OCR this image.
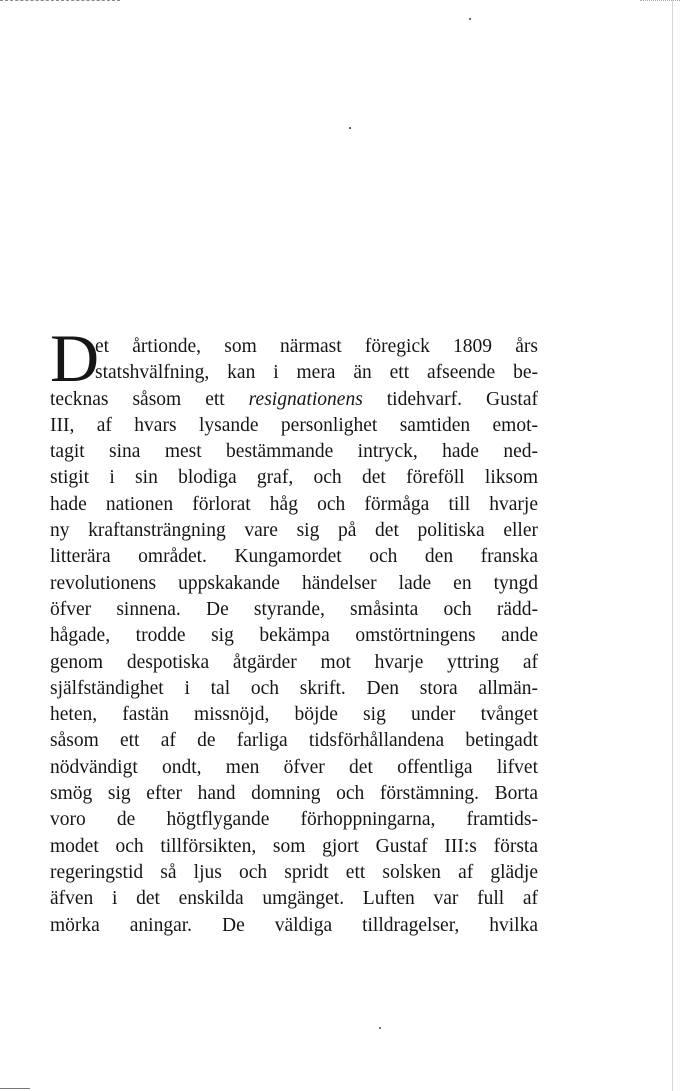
D
et årtionde, som närmast föregick 1809 års
statshvälfning, kan i mera än ett afseende be-
tecknas såsom ett resignationens tidehvarf. Gustaf
III, af hvars lysande personlighet samtiden emot-
tagit sina mest bestämmande intryck, hade ned-
stigit i sin blodiga graf, och det föreföll liksom
hade nationen förlorat håg och förmåga till hvarje
ny kraftansträngning vare sig på det politiska eller
litterära området. Kungamordet och den franska
revolutionens uppskakande händelser lade en tyngd
öfver sinnena. De styrande, småsinta och rädd-
hågade, trodde sig bekämpa omstörtningens ande
genom despotiska åtgärder mot hvarje yttring af
själfständighet i tal och skrift. Den stora allmän-
heten, fastän missnöjd, böjde sig under tvånget
såsom ett af de farliga tidsförhållandena betingadt
nödvändigt ondt, men öfver det offentliga lifvet
smög sig efter hand domning och förstämning. Borta
voro de högtflygande förhoppningarna, framtids-
modet och tillförsikten, som gjort Gustaf III:s första
regeringstid så ljus och spridt ett solsken af glädje
äfven i det enskilda umgänget. Luften var full af
mörka aningar. De väldiga tilldragelser, hvilka
